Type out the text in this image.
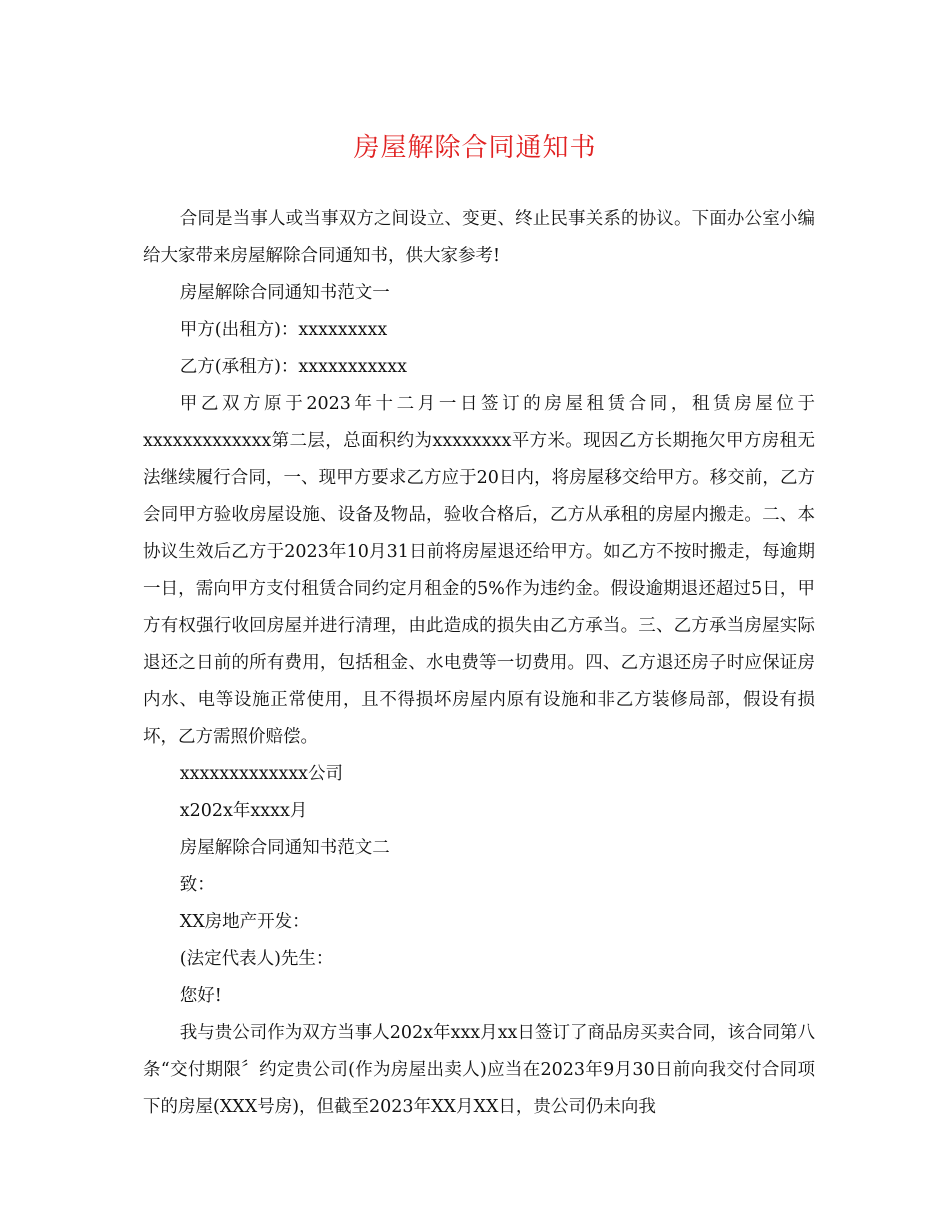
房屋解除合同通知书

合同是当事人或当事双方之间设立、变更、终止民事关系的协议。下面办公室小编给大家带来房屋解除合同通知书，供大家参考!

房屋解除合同通知书范文一

甲方(出租方)：xxxxxxxxx

乙方(承租方)：xxxxxxxxxxx

甲乙双方原于2023年十二月一日签订的房屋租赁合同，租赁房屋位于xxxxxxxxxxxxx第二层，总面积约为xxxxxxxx平方米。现因乙方长期拖欠甲方房租无法继续履行合同，一、现甲方要求乙方应于20日内，将房屋移交给甲方。移交前，乙方会同甲方验收房屋设施、设备及物品，验收合格后，乙方从承租的房屋内搬走。二、本协议生效后乙方于2023年10月31日前将房屋退还给甲方。如乙方不按时搬走，每逾期一日，需向甲方支付租赁合同约定月租金的5%作为违约金。假设逾期退还超过5日，甲方有权强行收回房屋并进行清理，由此造成的损失由乙方承当。三、乙方承当房屋实际退还之日前的所有费用，包括租金、水电费等一切费用。四、乙方退还房子时应保证房内水、电等设施正常使用，且不得损坏房屋内原有设施和非乙方装修局部，假设有损坏，乙方需照价赔偿。

xxxxxxxxxxxxx公司

x202x年xxxx月

房屋解除合同通知书范文二

致：

XX房地产开发：

(法定代表人)先生：

您好!

我与贵公司作为双方当事人202x年xxx月xx日签订了商品房买卖合同，该合同第八条“交付期限〞约定贵公司(作为房屋出卖人)应当在2023年9月30日前向我交付合同项下的房屋(XXX号房)，但截至2023年XX月XX日，贵公司仍未向我
